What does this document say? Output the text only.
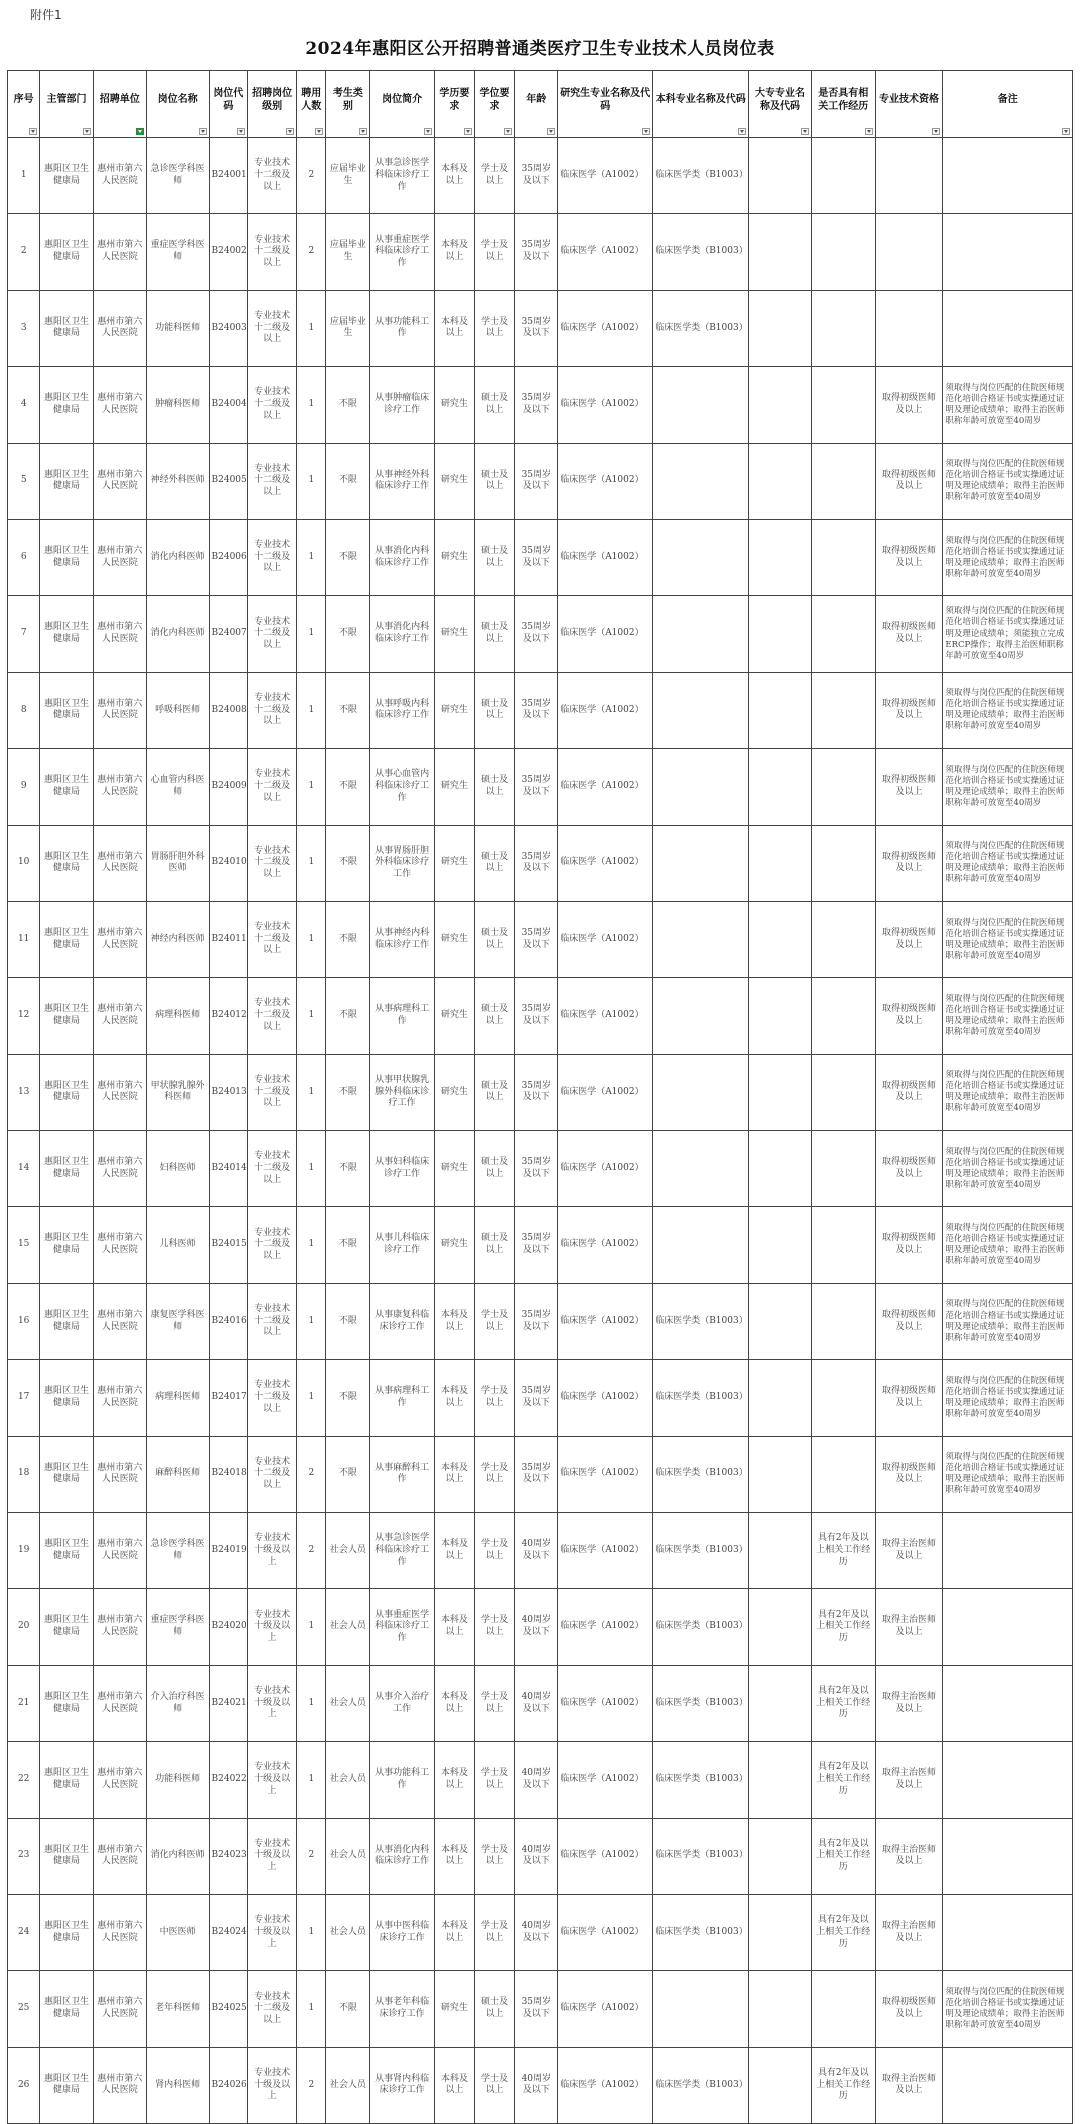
附件1
2024年惠阳区公开招聘普通类医疗卫生专业技术人员岗位表
序号	主管部门	招聘单位	岗位名称	岗位代码	招聘岗位级别	聘用人数	考生类别	岗位简介	学历要求	学位要求	年龄	研究生专业名称及代码	本科专业名称及代码	大专专业名称及代码	是否具有相关工作经历	专业技术资格	备注

1	惠阳区卫生健康局	惠州市第六人民医院	急诊医学科医师	B24001	专业技术十二级及以上	2	应届毕业生	从事急诊医学科临床诊疗工作	本科及以上	学士及以上	35周岁及以下	临床医学（A1002）	临床医学类（B1003）				
2	惠阳区卫生健康局	惠州市第六人民医院	重症医学科医师	B24002	专业技术十二级及以上	2	应届毕业生	从事重症医学科临床诊疗工作	本科及以上	学士及以上	35周岁及以下	临床医学（A1002）	临床医学类（B1003）				
3	惠阳区卫生健康局	惠州市第六人民医院	功能科医师	B24003	专业技术十二级及以上	1	应届毕业生	从事功能科工作	本科及以上	学士及以上	35周岁及以下	临床医学（A1002）	临床医学类（B1003）				
4	惠阳区卫生健康局	惠州市第六人民医院	肿瘤科医师	B24004	专业技术十二级及以上	1	不限	从事肿瘤临床诊疗工作	研究生	硕士及以上	35周岁及以下	临床医学（A1002）				取得初级医师及以上	须取得与岗位匹配的住院医师规范化培训合格证书或实操通过证明及理论成绩单；取得主治医师职称年龄可放宽至40周岁
5	惠阳区卫生健康局	惠州市第六人民医院	神经外科医师	B24005	专业技术十二级及以上	1	不限	从事神经外科临床诊疗工作	研究生	硕士及以上	35周岁及以下	临床医学（A1002）				取得初级医师及以上	须取得与岗位匹配的住院医师规范化培训合格证书或实操通过证明及理论成绩单；取得主治医师职称年龄可放宽至40周岁
6	惠阳区卫生健康局	惠州市第六人民医院	消化内科医师	B24006	专业技术十二级及以上	1	不限	从事消化内科临床诊疗工作	研究生	硕士及以上	35周岁及以下	临床医学（A1002）				取得初级医师及以上	须取得与岗位匹配的住院医师规范化培训合格证书或实操通过证明及理论成绩单；取得主治医师职称年龄可放宽至40周岁
7	惠阳区卫生健康局	惠州市第六人民医院	消化内科医师	B24007	专业技术十二级及以上	1	不限	从事消化内科临床诊疗工作	研究生	硕士及以上	35周岁及以下	临床医学（A1002）				取得初级医师及以上	须取得与岗位匹配的住院医师规范化培训合格证书或实操通过证明及理论成绩单；须能独立完成ERCP操作；取得主治医师职称年龄可放宽至40周岁
8	惠阳区卫生健康局	惠州市第六人民医院	呼吸科医师	B24008	专业技术十二级及以上	1	不限	从事呼吸内科临床诊疗工作	研究生	硕士及以上	35周岁及以下	临床医学（A1002）				取得初级医师及以上	须取得与岗位匹配的住院医师规范化培训合格证书或实操通过证明及理论成绩单；取得主治医师职称年龄可放宽至40周岁
9	惠阳区卫生健康局	惠州市第六人民医院	心血管内科医师	B24009	专业技术十二级及以上	1	不限	从事心血管内科临床诊疗工作	研究生	硕士及以上	35周岁及以下	临床医学（A1002）				取得初级医师及以上	须取得与岗位匹配的住院医师规范化培训合格证书或实操通过证明及理论成绩单；取得主治医师职称年龄可放宽至40周岁
10	惠阳区卫生健康局	惠州市第六人民医院	胃肠肝胆外科医师	B24010	专业技术十二级及以上	1	不限	从事胃肠肝胆外科临床诊疗工作	研究生	硕士及以上	35周岁及以下	临床医学（A1002）				取得初级医师及以上	须取得与岗位匹配的住院医师规范化培训合格证书或实操通过证明及理论成绩单；取得主治医师职称年龄可放宽至40周岁
11	惠阳区卫生健康局	惠州市第六人民医院	神经内科医师	B24011	专业技术十二级及以上	1	不限	从事神经内科临床诊疗工作	研究生	硕士及以上	35周岁及以下	临床医学（A1002）				取得初级医师及以上	须取得与岗位匹配的住院医师规范化培训合格证书或实操通过证明及理论成绩单；取得主治医师职称年龄可放宽至40周岁
12	惠阳区卫生健康局	惠州市第六人民医院	病理科医师	B24012	专业技术十二级及以上	1	不限	从事病理科工作	研究生	硕士及以上	35周岁及以下	临床医学（A1002）				取得初级医师及以上	须取得与岗位匹配的住院医师规范化培训合格证书或实操通过证明及理论成绩单；取得主治医师职称年龄可放宽至40周岁
13	惠阳区卫生健康局	惠州市第六人民医院	甲状腺乳腺外科医师	B24013	专业技术十二级及以上	1	不限	从事甲状腺乳腺外科临床诊疗工作	研究生	硕士及以上	35周岁及以下	临床医学（A1002）				取得初级医师及以上	须取得与岗位匹配的住院医师规范化培训合格证书或实操通过证明及理论成绩单；取得主治医师职称年龄可放宽至40周岁
14	惠阳区卫生健康局	惠州市第六人民医院	妇科医师	B24014	专业技术十二级及以上	1	不限	从事妇科临床诊疗工作	研究生	硕士及以上	35周岁及以下	临床医学（A1002）				取得初级医师及以上	须取得与岗位匹配的住院医师规范化培训合格证书或实操通过证明及理论成绩单；取得主治医师职称年龄可放宽至40周岁
15	惠阳区卫生健康局	惠州市第六人民医院	儿科医师	B24015	专业技术十二级及以上	1	不限	从事儿科临床诊疗工作	研究生	硕士及以上	35周岁及以下	临床医学（A1002）				取得初级医师及以上	须取得与岗位匹配的住院医师规范化培训合格证书或实操通过证明及理论成绩单；取得主治医师职称年龄可放宽至40周岁
16	惠阳区卫生健康局	惠州市第六人民医院	康复医学科医师	B24016	专业技术十二级及以上	1	不限	从事康复科临床诊疗工作	本科及以上	学士及以上	35周岁及以下	临床医学（A1002）	临床医学类（B1003）			取得初级医师及以上	须取得与岗位匹配的住院医师规范化培训合格证书或实操通过证明及理论成绩单；取得主治医师职称年龄可放宽至40周岁
17	惠阳区卫生健康局	惠州市第六人民医院	病理科医师	B24017	专业技术十二级及以上	1	不限	从事病理科工作	本科及以上	学士及以上	35周岁及以下	临床医学（A1002）	临床医学类（B1003）			取得初级医师及以上	须取得与岗位匹配的住院医师规范化培训合格证书或实操通过证明及理论成绩单；取得主治医师职称年龄可放宽至40周岁
18	惠阳区卫生健康局	惠州市第六人民医院	麻醉科医师	B24018	专业技术十二级及以上	2	不限	从事麻醉科工作	本科及以上	学士及以上	35周岁及以下	临床医学（A1002）	临床医学类（B1003）			取得初级医师及以上	须取得与岗位匹配的住院医师规范化培训合格证书或实操通过证明及理论成绩单；取得主治医师职称年龄可放宽至40周岁
19	惠阳区卫生健康局	惠州市第六人民医院	急诊医学科医师	B24019	专业技术十级及以上	2	社会人员	从事急诊医学科临床诊疗工作	本科及以上	学士及以上	40周岁及以下	临床医学（A1002）	临床医学类（B1003）		具有2年及以上相关工作经历	取得主治医师及以上	
20	惠阳区卫生健康局	惠州市第六人民医院	重症医学科医师	B24020	专业技术十级及以上	1	社会人员	从事重症医学科临床诊疗工作	本科及以上	学士及以上	40周岁及以下	临床医学（A1002）	临床医学类（B1003）		具有2年及以上相关工作经历	取得主治医师及以上	
21	惠阳区卫生健康局	惠州市第六人民医院	介入治疗科医师	B24021	专业技术十级及以上	1	社会人员	从事介入治疗工作	本科及以上	学士及以上	40周岁及以下	临床医学（A1002）	临床医学类（B1003）		具有2年及以上相关工作经历	取得主治医师及以上	
22	惠阳区卫生健康局	惠州市第六人民医院	功能科医师	B24022	专业技术十级及以上	1	社会人员	从事功能科工作	本科及以上	学士及以上	40周岁及以下	临床医学（A1002）	临床医学类（B1003）		具有2年及以上相关工作经历	取得主治医师及以上	
23	惠阳区卫生健康局	惠州市第六人民医院	消化内科医师	B24023	专业技术十级及以上	2	社会人员	从事消化内科临床诊疗工作	本科及以上	学士及以上	40周岁及以下	临床医学（A1002）	临床医学类（B1003）		具有2年及以上相关工作经历	取得主治医师及以上	
24	惠阳区卫生健康局	惠州市第六人民医院	中医医师	B24024	专业技术十级及以上	1	社会人员	从事中医科临床诊疗工作	本科及以上	学士及以上	40周岁及以下	临床医学（A1002）	临床医学类（B1003）		具有2年及以上相关工作经历	取得主治医师及以上	
25	惠阳区卫生健康局	惠州市第六人民医院	老年科医师	B24025	专业技术十二级及以上	1	不限	从事老年科临床诊疗工作	研究生	硕士及以上	35周岁及以下	临床医学（A1002）				取得初级医师及以上	须取得与岗位匹配的住院医师规范化培训合格证书或实操通过证明及理论成绩单；取得主治医师职称年龄可放宽至40周岁
26	惠阳区卫生健康局	惠州市第六人民医院	肾内科医师	B24026	专业技术十级及以上	2	社会人员	从事肾内科临床诊疗工作	本科及以上	学士及以上	40周岁及以下	临床医学（A1002）	临床医学类（B1003）		具有2年及以上相关工作经历	取得主治医师及以上	
